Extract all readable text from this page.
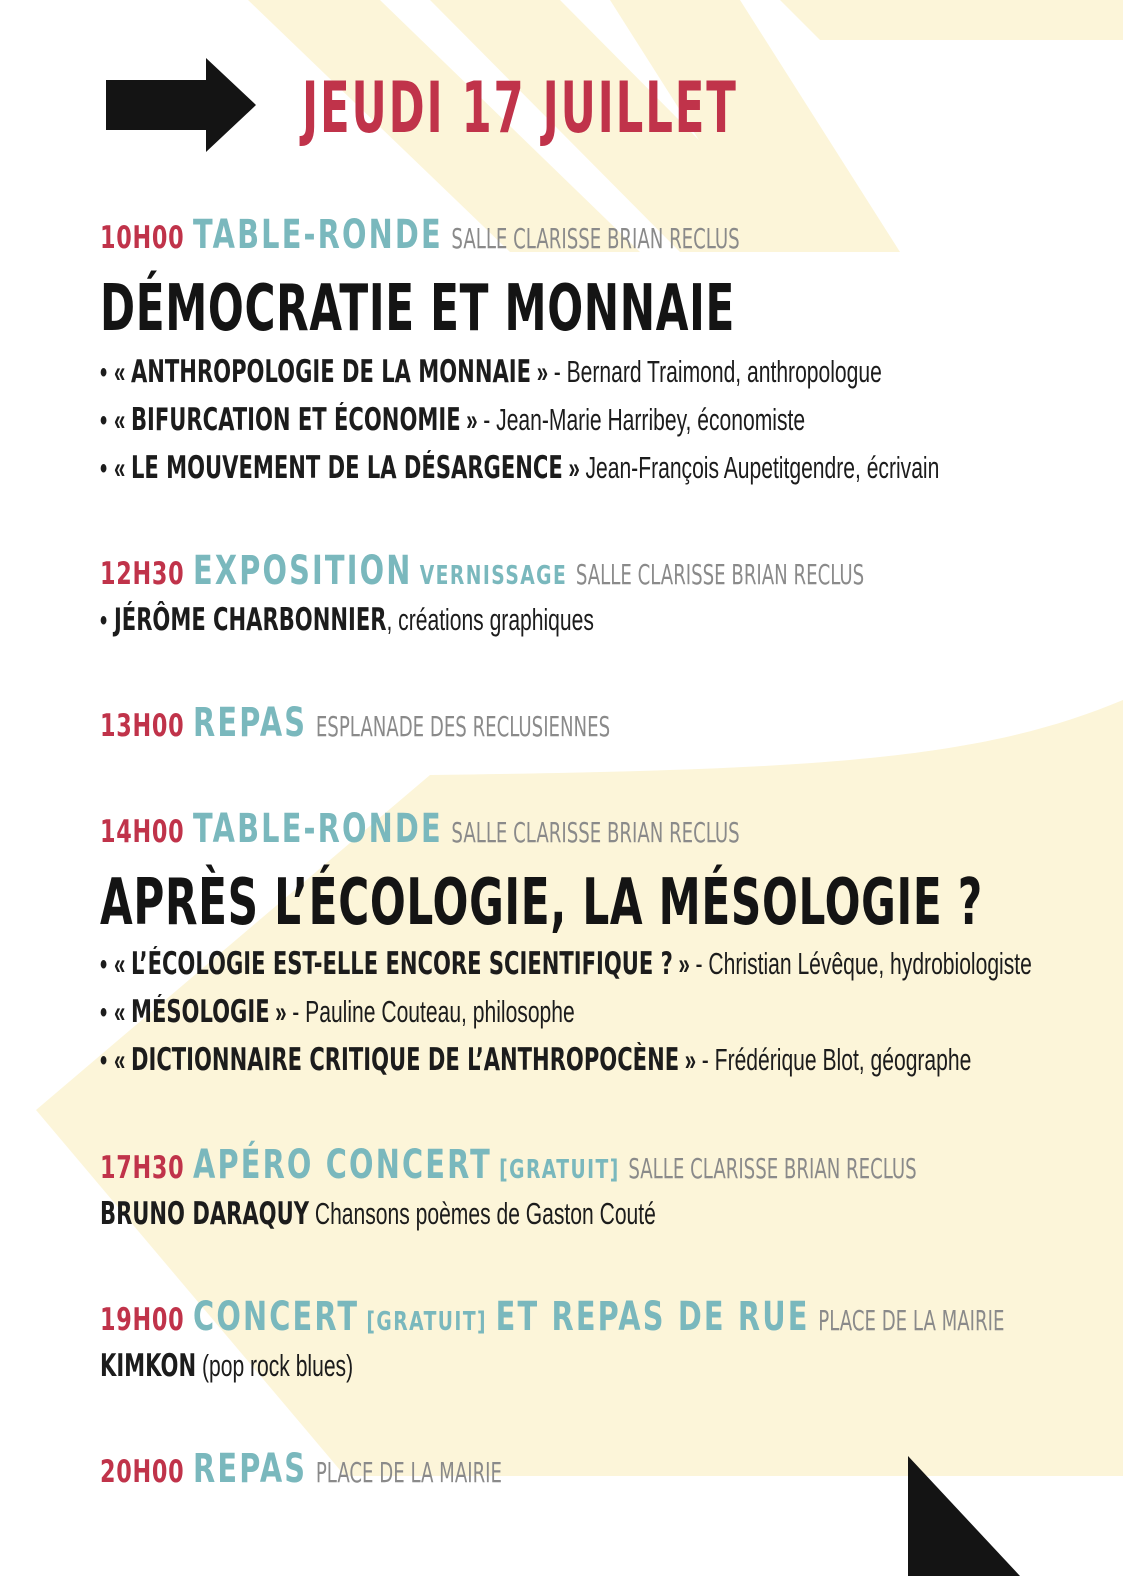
JEUDI 17 JUILLET
10H00 TABLE-RONDE SALLE CLARISSE BRIAN RECLUS
DÉMOCRATIE ET MONNAIE
• « ANTHROPOLOGIE DE LA MONNAIE » - Bernard Traimond, anthropologue
• « BIFURCATION ET ÉCONOMIE » - Jean-Marie Harribey, économiste
• « LE MOUVEMENT DE LA DÉSARGENCE » Jean-François Aupetitgendre, écrivain
12H30 EXPOSITION VERNISSAGE SALLE CLARISSE BRIAN RECLUS
• JÉRÔME CHARBONNIER, créations graphiques
13H00 REPAS ESPLANADE DES RECLUSIENNES
14H00 TABLE-RONDE SALLE CLARISSE BRIAN RECLUS
APRÈS L’ÉCOLOGIE, LA MÉSOLOGIE ?
• « L’ÉCOLOGIE EST-ELLE ENCORE SCIENTIFIQUE ? » - Christian Lévêque, hydrobiologiste
• « MÉSOLOGIE » - Pauline Couteau, philosophe
• « DICTIONNAIRE CRITIQUE DE L’ANTHROPOCÈNE » - Frédérique Blot, géographe
17H30 APÉRO CONCERT [GRATUIT] SALLE CLARISSE BRIAN RECLUS
BRUNO DARAQUY Chansons poèmes de Gaston Couté
19H00 CONCERT [GRATUIT] ET REPAS DE RUE PLACE DE LA MAIRIE
KIMKON (pop rock blues)
20H00 REPAS PLACE DE LA MAIRIE
